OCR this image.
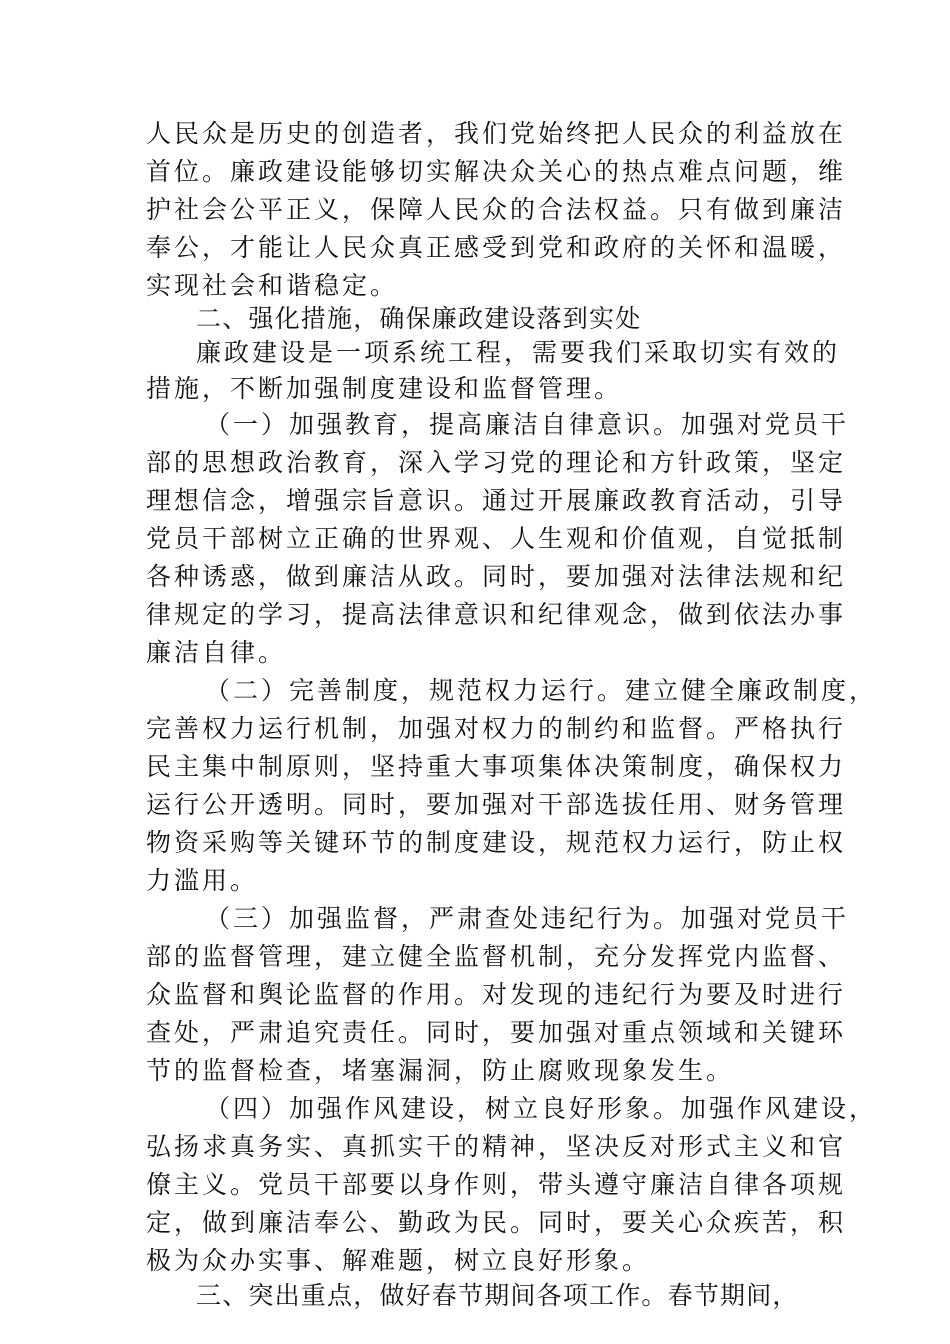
人民众是历史的创造者，我们党始终把人民众的利益放在
首位。廉政建设能够切实解决众关心的热点难点问题，维
护社会公平正义，保障人民众的合法权益。只有做到廉洁
奉公，才能让人民众真正感受到党和政府的关怀和温暖，
实现社会和谐稳定。
二、强化措施，确保廉政建设落到实处
廉政建设是一项系统工程，需要我们采取切实有效的
措施，不断加强制度建设和监督管理。
（一）加强教育，提高廉洁自律意识。加强对党员干
部的思想政治教育，深入学习党的理论和方针政策，坚定
理想信念，增强宗旨意识。通过开展廉政教育活动，引导
党员干部树立正确的世界观、人生观和价值观，自觉抵制
各种诱惑，做到廉洁从政。同时，要加强对法律法规和纪
律规定的学习，提高法律意识和纪律观念，做到依法办事
廉洁自律。
（二）完善制度，规范权力运行。建立健全廉政制度，
完善权力运行机制，加强对权力的制约和监督。严格执行
民主集中制原则，坚持重大事项集体决策制度，确保权力
运行公开透明。同时，要加强对干部选拔任用、财务管理
物资采购等关键环节的制度建设，规范权力运行，防止权
力滥用。
（三）加强监督，严肃查处违纪行为。加强对党员干
部的监督管理，建立健全监督机制，充分发挥党内监督、
众监督和舆论监督的作用。对发现的违纪行为要及时进行
查处，严肃追究责任。同时，要加强对重点领域和关键环
节的监督检查，堵塞漏洞，防止腐败现象发生。
（四）加强作风建设，树立良好形象。加强作风建设，
弘扬求真务实、真抓实干的精神，坚决反对形式主义和官
僚主义。党员干部要以身作则，带头遵守廉洁自律各项规
定，做到廉洁奉公、勤政为民。同时，要关心众疾苦，积
极为众办实事、解难题，树立良好形象。
三、突出重点，做好春节期间各项工作。春节期间，
